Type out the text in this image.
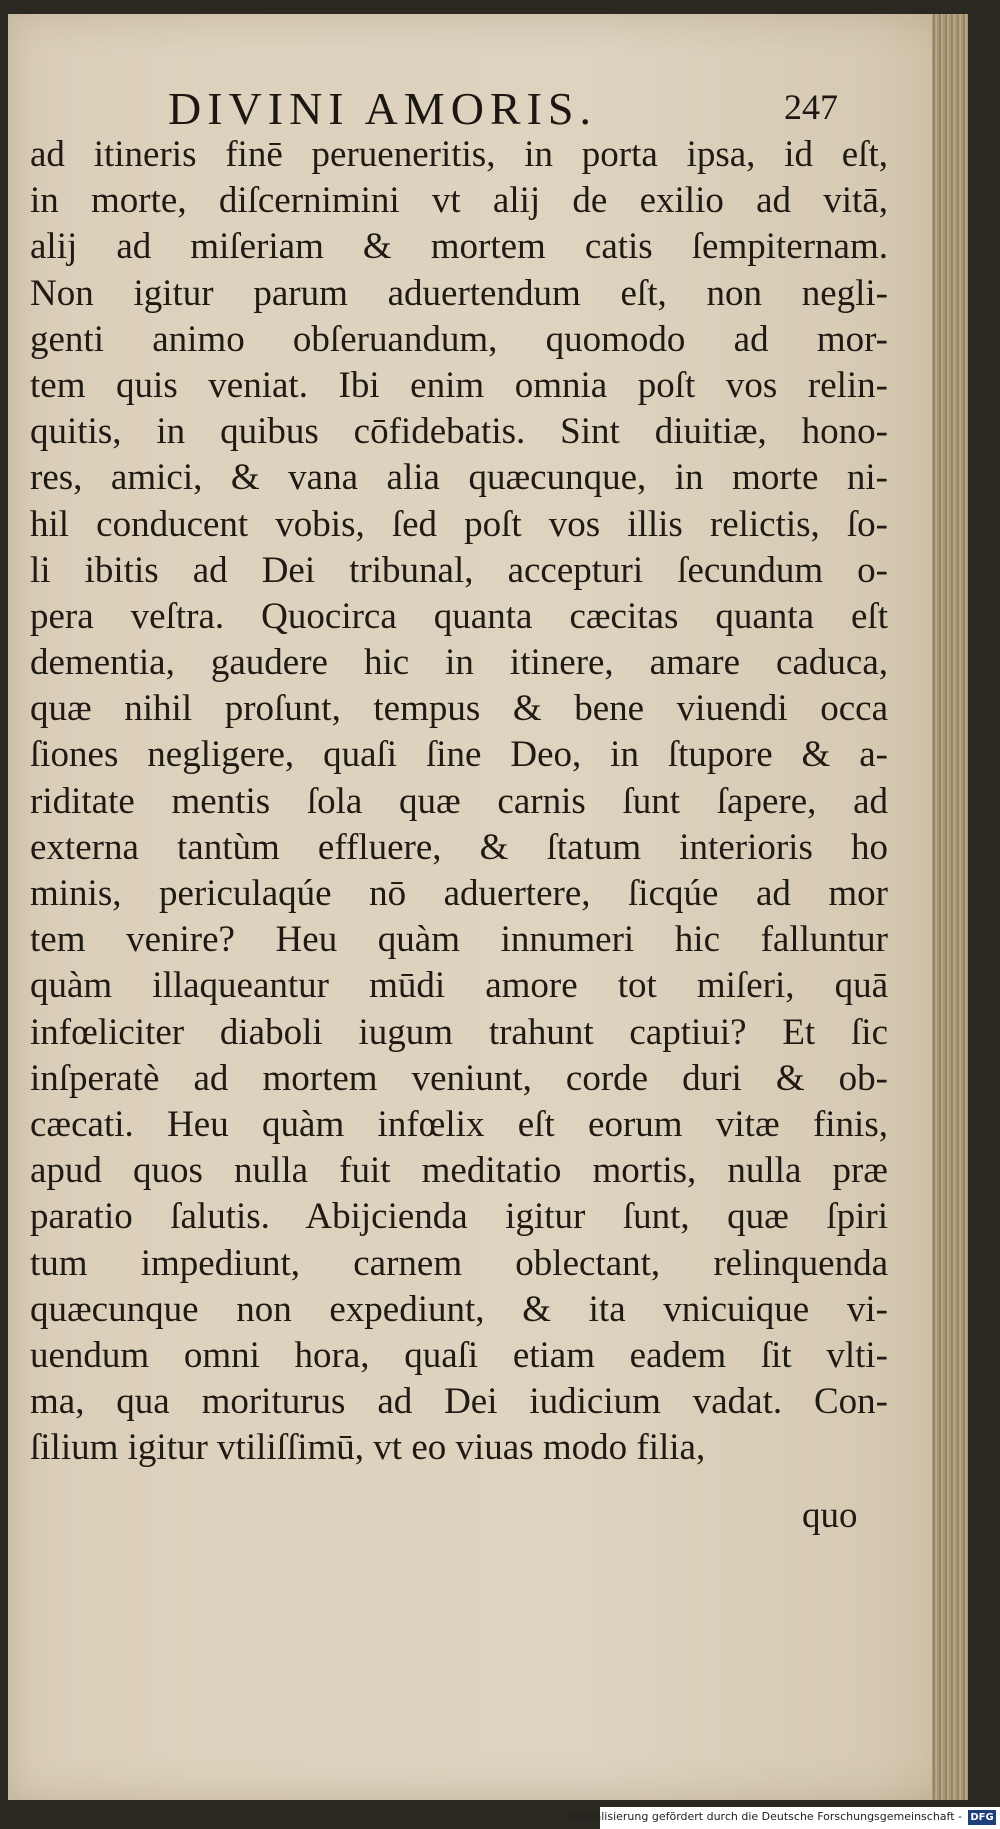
DIVINI AMORIS.	247
ad itineris finē perueneritis, in porta ipsa, id eſt,
in morte, diſcernimini vt alij de exilio ad vitā,
alij ad miſeriam & mortem catis ſempiternam.
Non igitur parum aduertendum eſt, non negli-
genti animo obſeruandum, quomodo ad mor-
tem quis veniat. Ibi enim omnia poſt vos relin-
quitis, in quibus cōfidebatis. Sint diuitiæ, hono-
res, amici, & vana alia quæcunque, in morte ni-
hil conducent vobis, ſed poſt vos illis relictis, ſo-
li ibitis ad Dei tribunal, accepturi ſecundum o-
pera veſtra. Quocirca quanta cæcitas quanta eſt
dementia, gaudere hic in itinere, amare caduca,
quæ nihil proſunt, tempus & bene viuendi occa
ſiones negligere, quaſi ſine Deo, in ſtupore & a-
riditate mentis ſola quæ carnis ſunt ſapere, ad
externa tantùm effluere, & ſtatum interioris ho
minis, periculaqúe nō aduertere, ſicqúe ad mor
tem venire? Heu quàm innumeri hic falluntur
quàm illaqueantur mūdi amore tot miſeri, quā
infœliciter diaboli iugum trahunt captiui? Et ſic
inſperatè ad mortem veniunt, corde duri & ob-
cæcati. Heu quàm infœlix eſt eorum vitæ finis,
apud quos nulla fuit meditatio mortis, nulla præ
paratio ſalutis. Abijcienda igitur ſunt, quæ ſpiri
tum impediunt, carnem oblectant, relinquenda
quæcunque non expediunt, & ita vnicuique vi-
uendum omni hora, quaſi etiam eadem ſit vlti-
ma, qua moriturus ad Dei iudicium vadat. Con-
ſilium igitur vtiliſſimū, vt eo viuas modo filia,
quo
Digitalisierung gefördert durch die Deutsche Forschungsgemeinschaft - DFG
